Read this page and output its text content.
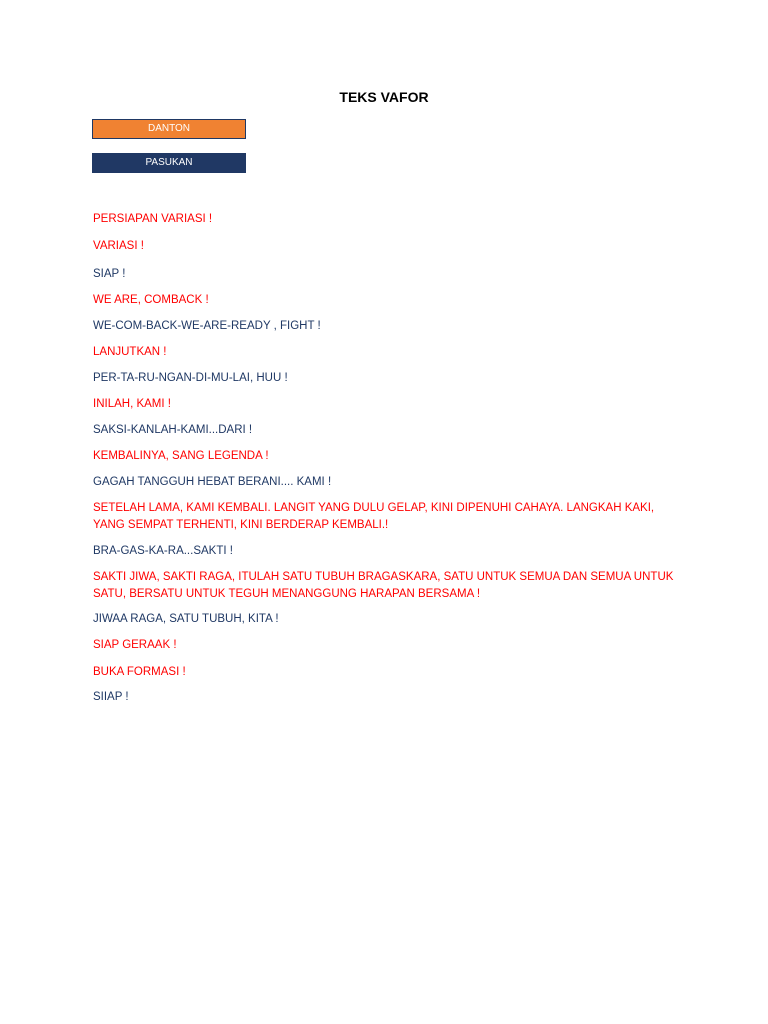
TEKS VAFOR
DANTON
PASUKAN
PERSIAPAN VARIASI !
VARIASI !
SIAP !
WE ARE, COMBACK !
WE-COM-BACK-WE-ARE-READY , FIGHT !
LANJUTKAN !
PER-TA-RU-NGAN-DI-MU-LAI, HUU !
INILAH, KAMI !
SAKSI-KANLAH-KAMI...DARI !
KEMBALINYA, SANG LEGENDA !
GAGAH TANGGUH HEBAT BERANI.... KAMI !
SETELAH LAMA, KAMI KEMBALI. LANGIT YANG DULU GELAP, KINI DIPENUHI CAHAYA. LANGKAH KAKI, YANG SEMPAT TERHENTI, KINI BERDERAP KEMBALI.!
BRA-GAS-KA-RA...SAKTI !
SAKTI JIWA, SAKTI RAGA, ITULAH SATU TUBUH BRAGASKARA, SATU UNTUK SEMUA DAN SEMUA UNTUK SATU, BERSATU UNTUK TEGUH MENANGGUNG HARAPAN BERSAMA !
JIWAA RAGA, SATU TUBUH, KITA !
SIAP GERAAK !
BUKA FORMASI !
SIIAP !
